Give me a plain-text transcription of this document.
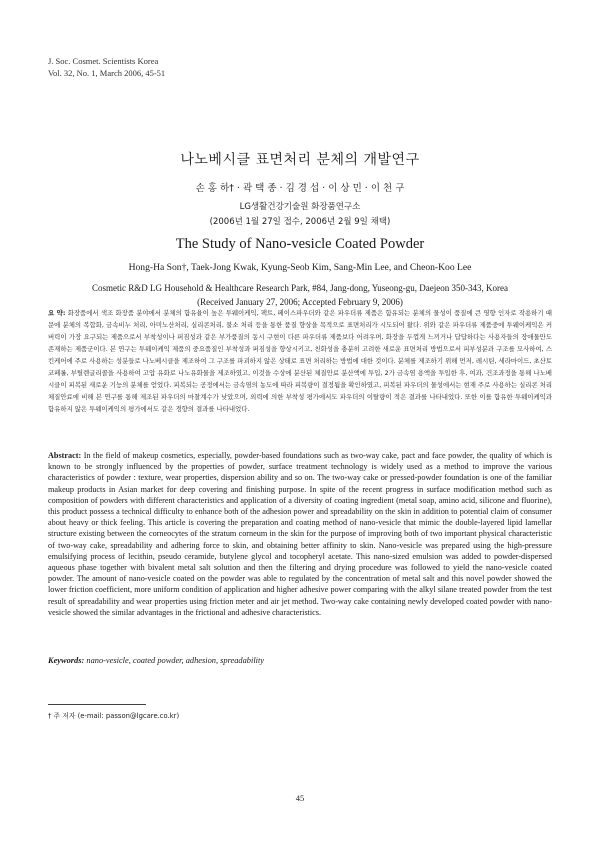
J. Soc. Cosmet. Scientists Korea
Vol. 32, No. 1, March 2006, 45-51
나노베시클 표면처리 분체의 개발연구
손 홍 하† · 곽 택 종 · 김 경 섭 · 이 상 민 · 이 천 구
LG생활건강기술원 화장품연구소
(2006년 1월 27일 접수, 2006년 2월 9일 채택)
The Study of Nano-vesicle Coated Powder
Hong-Ha Son†, Taek-Jong Kwak, Kyung-Seob Kim, Sang-Min Lee, and Cheon-Koo Lee
Cosmetic R&D LG Household & Healthcare Research Park, #84, Jang-dong, Yuseong-gu, Daejeon 350-343, Korea
(Received January 27, 2006; Accepted February 9, 2006)
요 약: 화장품에서 색조 화장품 분야에서 분체의 함유율이 높은 투웨이케익, 팩트, 페이스파우더와 같은 파우더류 제품은 함유되는 분체의 물성이 품질에 큰 영향 인자로 작용하기 때문에 분체의 복합화, 금속비누 처리, 아미노산처리, 실리콘처리, 불소 처리 등을 통한 품질 향상을 목적으로 표면처리가 시도되어 왔다. 위와 같은 파우더류 제품중에 투웨이케익은 커버력이 가장 요구되는 제품으로서 부착성이나 퍼짐성과 같은 부가품질의 동시 구현이 다른 파우더류 제품보다 어려우며, 화장을 두껍게 느끼거나 답답하다는 사용자들의 장애물만도 존재하는 제품군이다. 본 연구는 투웨이케익 제품의 중요품질인 부착성과 퍼짐성을 향상시키고, 친화성을 충분히 고려한 새로운 표면처리 방법으로서 피부성분과 구조를 모사하여, 스킨케어에 주로 사용하는 성분들로 나노베시클을 제조하여 그 구조를 파괴하지 않은 상태로 표면 처리하는 방법에 대한 것이다. 분체를 제조하기 위해 먼저, 레시틴, 세라마이드, 초산토코페롤, 부틸렌글리콜을 사용하여 고압 유화로 나노유화물을 제조하였고, 이것을 수상에 분산된 체질안료 분산액에 투입, 2가 금속염 용액을 투입한 후, 여과, 건조과정을 통해 나노베시클이 피복된 새로운 기능의 분체를 얻었다. 피복되는 공정에서는 금속염의 농도에 따라 피복량이 결정됨을 확인하였고, 피복된 파우더의 물성에서는 현재 주로 사용하는 실리콘 처리 체질안료에 비해 본 연구를 통해 제조된 파우더의 마찰계수가 낮았으며, 외력에 의한 부착성 평가에서도 파우더의 이탈량이 적은 결과를 나타내었다. 또한 이를 함유한 투웨이케익과 함유하지 않은 투웨이케익의 평가에서도 같은 경향의 결과를 나타내었다.
Abstract: In the field of makeup cosmetics, especially, powder-based foundations such as two-way cake, pact and face powder, the quality of which is known to be strongly influenced by the properties of powder, surface treatment technology is widely used as a method to improve the various characteristics of powder : texture, wear properties, dispersion ability and so on. The two-way cake or pressed-powder foundation is one of the familiar makeup products in Asian market for deep covering and finishing purpose. In spite of the recent progress in surface modification method such as composition of powders with different characteristics and application of a diversity of coating ingredient (metal soap, amino acid, silicone and fluorine), this product possess a technical difficulty to enhance both of the adhesion power and spreadability on the skin in addition to potential claim of consumer about heavy or thick feeling. This article is covering the preparation and coating method of nano-vesicle that mimic the double-layered lipid lamellar structure existing between the corneocytes of the stratum corneum in the skin for the purpose of improving both of two important physical characteristic of two-way cake, spreadability and adhering force to skin, and obtaining better affinity to skin. Nano-vesicle was prepared using the high-pressure emulsifying process of lecithin, pseudo ceramide, butylene glycol and tocopheryl acetate. This nano-sized emulsion was added to powder-dispersed aqueous phase together with bivalent metal salt solution and then the filtering and drying procedure was followed to yield the nano-vesicle coated powder. The amount of nano-vesicle coated on the powder was able to regulated by the concentration of metal salt and this novel powder showed the lower friction coefficient, more uniform condition of application and higher adhesive power comparing with the alkyl silane treated powder from the test result of spreadability and wear properties using friction meter and air jet method. Two-way cake containing newly developed coated powder with nano-vesicle showed the similar advantages in the frictional and adhesive characteristics.
Keywords: nano-vesicle, coated powder, adhesion, spreadability
† 주 저자 (e-mail: passon@lgcare.co.kr)
45
